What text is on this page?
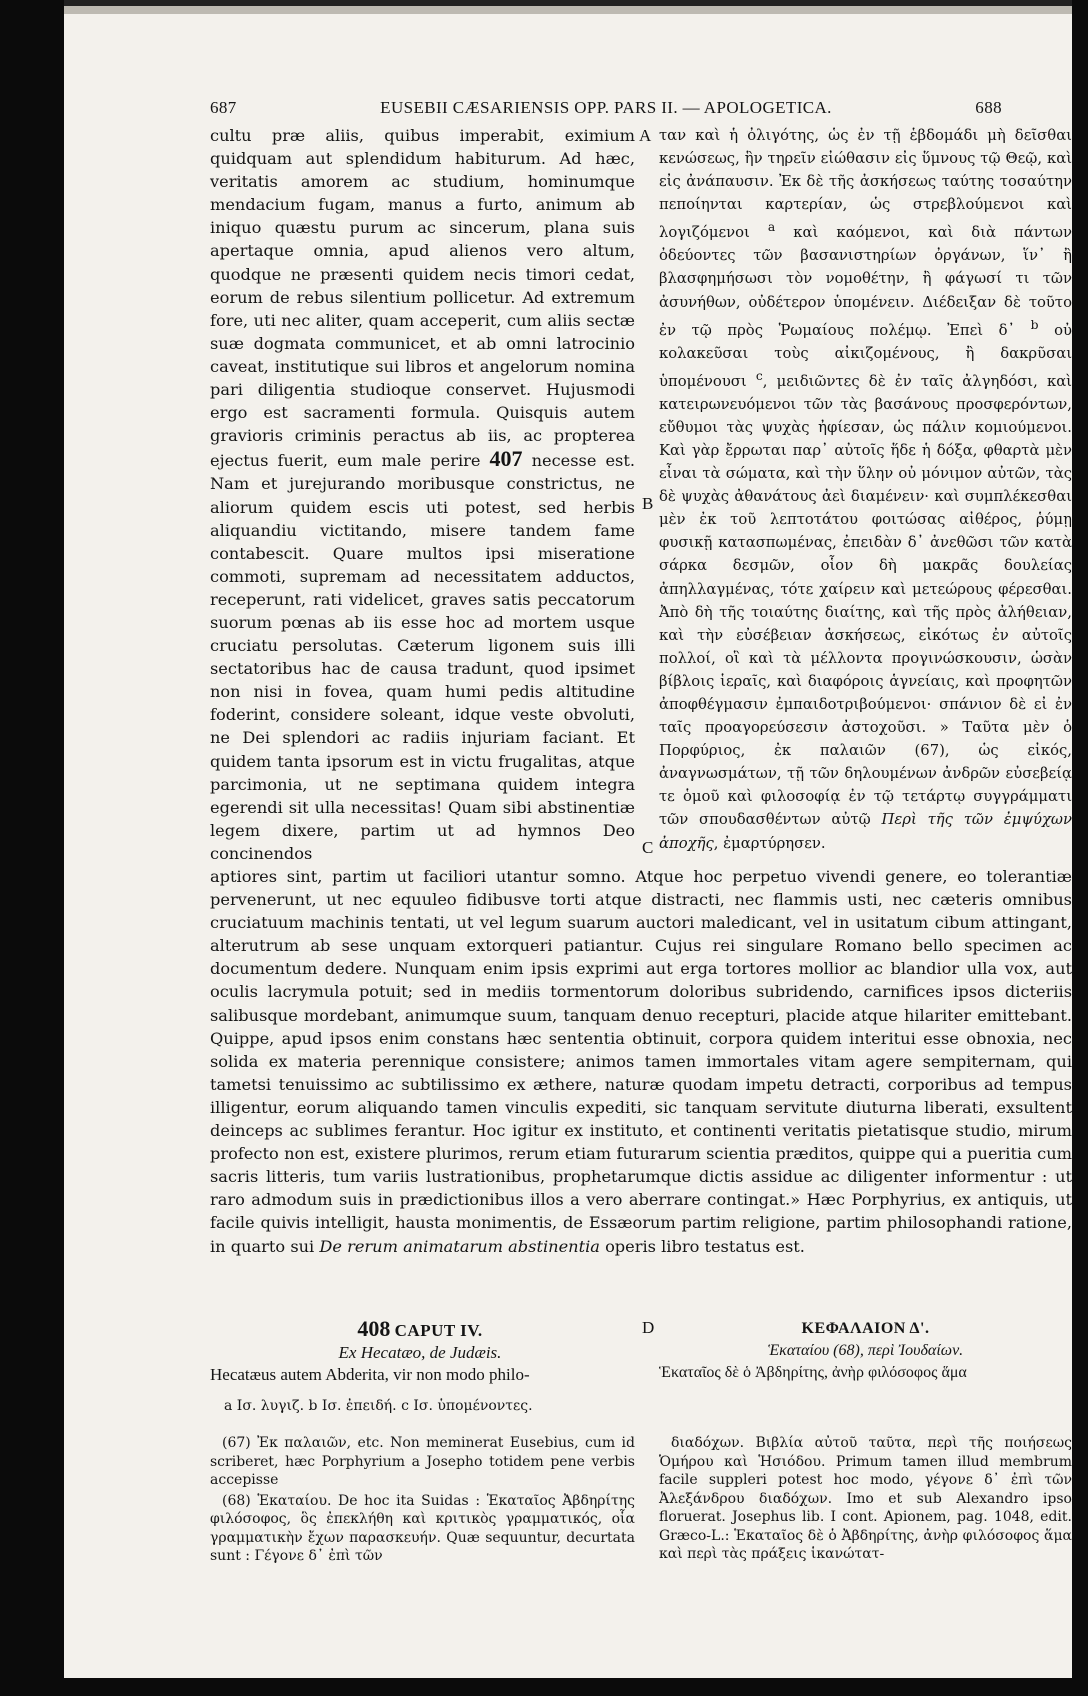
687	EUSEBII CÆSARIENSIS OPP. PARS II. — APOLOGETICA.	688
A
B
C
D
cultu præ aliis, quibus imperabit, eximium quidquam aut splendidum habiturum. Ad hæc, veritatis amorem ac studium, hominumque mendacium fugam, manus a furto, animum ab iniquo quæstu purum ac sincerum, plana suis apertaque omnia, apud alienos vero altum, quodque ne præsenti quidem necis timori cedat, eorum de rebus silentium pollicetur. Ad extremum fore, uti nec aliter, quam acceperit, cum aliis sectæ suæ dogmata communicet, et ab omni latrocinio caveat, institutique sui libros et angelorum nomina pari diligentia studioque conservet. Hujusmodi ergo est sacramenti formula. Quisquis autem gravioris criminis peractus ab iis, ac propterea ejectus fuerit, eum male perire 407 necesse est. Nam et jurejurando moribusque constrictus, ne aliorum quidem escis uti potest, sed herbis aliquandiu victitando, misere tandem fame contabescit. Quare multos ipsi miseratione commoti, supremam ad necessitatem adductos, receperunt, rati videlicet, graves satis peccatorum suorum pœnas ab iis esse hoc ad mortem usque cruciatu persolutas. Cæterum ligonem suis illi sectatoribus hac de causa tradunt, quod ipsimet non nisi in fovea, quam humi pedis altitudine foderint, considere soleant, idque veste obvoluti, ne Dei splendori ac radiis injuriam faciant. Et quidem tanta ipsorum est in victu frugalitas, atque parcimonia, ut ne septimana quidem integra egerendi sit ulla necessitas! Quam sibi abstinentiæ legem dixere, partim ut ad hymnos Deo concinendos
ταν καὶ ἡ ὀλιγότης, ὡς ἐν τῇ ἑβδομάδι μὴ δεῖσθαι κενώσεως, ἣν τηρεῖν εἰώθασιν εἰς ὕμνους τῷ Θεῷ, καὶ εἰς ἀνάπαυσιν. Ἐκ δὲ τῆς ἀσκήσεως ταύτης τοσαύτην πεποίηνται καρτερίαν, ὡς στρεβλούμενοι καὶ λογιζόμενοι $^a$ καὶ καόμενοι, καὶ διὰ πάντων ὀδεύοντες τῶν βασανιστηρίων ὀργάνων, ἵν᾽ ἢ βλασφημήσωσι τὸν νομοθέτην, ἢ φάγωσί τι τῶν ἀσυνήθων, οὐδέτερον ὑπομένειν. Διέδειξαν δὲ τοῦτο ἐν τῷ πρὸς Ῥωμαίους πολέμῳ. Ἐπεὶ δ᾽ $^b$ οὐ κολακεῦσαι τοὺς αἰκιζομένους, ἢ δακρῦσαι ὑπομένουσι $^c$, μειδιῶντες δὲ ἐν ταῖς ἀλγηδόσι, καὶ κατειρωνευόμενοι τῶν τὰς βασάνους προσφερόντων, εὔθυμοι τὰς ψυχὰς ἠφίεσαν, ὡς πάλιν κομιούμενοι. Καὶ γὰρ ἔρρωται παρ᾽ αὐτοῖς ἥδε ἡ δόξα, φθαρτὰ μὲν εἶναι τὰ σώματα, καὶ τὴν ὕλην οὐ μόνιμον αὐτῶν, τὰς δὲ ψυχὰς ἀθανάτους ἀεὶ διαμένειν· καὶ συμπλέκεσθαι μὲν ἐκ τοῦ λεπτοτάτου φοιτώσας αἰθέρος, ῥύμῃ φυσικῇ κατασπωμένας, ἐπειδὰν δ᾽ ἀνεθῶσι τῶν κατὰ σάρκα δεσμῶν, οἷον δὴ μακρᾶς δουλείας ἀπηλλαγμένας, τότε χαίρειν καὶ μετεώρους φέρεσθαι. Ἀπὸ δὴ τῆς τοιαύτης διαίτης, καὶ τῆς πρὸς ἀλήθειαν, καὶ τὴν εὐσέβειαν ἀσκήσεως, εἰκότως ἐν αὐτοῖς πολλοί, οἳ καὶ τὰ μέλλοντα προγινώσκουσιν, ὡσὰν βίβλοις ἱεραῖς, καὶ διαφόροις ἁγνείαις, καὶ προφητῶν ἀποφθέγμασιν ἐμπαιδοτριβούμενοι· σπάνιον δὲ εἰ ἐν ταῖς προαγορεύσεσιν ἀστοχοῦσι. » Ταῦτα μὲν ὁ Πορφύριος, ἐκ παλαιῶν (67), ὡς εἰκός, ἀναγνωσμάτων, τῇ τῶν δηλουμένων ἀνδρῶν εὐσεβείᾳ τε ὁμοῦ καὶ φιλοσοφίᾳ ἐν τῷ τετάρτῳ συγγράμματι τῶν σπουδασθέντων αὐτῷ Περὶ τῆς τῶν ἐμψύχων ἀποχῆς, ἐμαρτύρησεν.
aptiores sint, partim ut faciliori utantur somno. Atque hoc perpetuo vivendi genere, eo tolerantiæ pervenerunt, ut nec equuleo fidibusve torti atque distracti, nec flammis usti, nec cæteris omnibus cruciatuum machinis tentati, ut vel legum suarum auctori maledicant, vel in usitatum cibum attingant, alterutrum ab sese unquam extorqueri patiantur. Cujus rei singulare Romano bello specimen ac documentum dedere. Nunquam enim ipsis exprimi aut erga tortores mollior ac blandior ulla vox, aut oculis lacrymula potuit; sed in mediis tormentorum doloribus subridendo, carnifices ipsos dicteriis salibusque mordebant, animumque suum, tanquam denuo recepturi, placide atque hilariter emittebant. Quippe, apud ipsos enim constans hæc sententia obtinuit, corpora quidem interitui esse obnoxia, nec solida ex materia perennique consistere; animos tamen immortales vitam agere sempiternam, qui tametsi tenuissimo ac subtilissimo ex æthere, naturæ quodam impetu detracti, corporibus ad tempus illigentur, eorum aliquando tamen vinculis expediti, sic tanquam servitute diuturna liberati, exsultent deinceps ac sublimes ferantur. Hoc igitur ex instituto, et continenti veritatis pietatisque studio, mirum profecto non est, existere plurimos, rerum etiam futurarum scientia præditos, quippe qui a pueritia cum sacris litteris, tum variis lustrationibus, prophetarumque dictis assidue ac diligenter informentur : ut raro admodum suis in prædictionibus illos a vero aberrare contingat.» Hæc Porphyrius, ex antiquis, ut facile quivis intelligit, hausta monimentis, de Essæorum partim religione, partim philosophandi ratione, in quarto sui De rerum animatarum abstinentia operis libro testatus est.
408 CAPUT IV.
Ex Hecatæo, de Judæis.
Hecatæus autem Abderita, vir non modo philo-
ΚΕΦΑΛΑΙΟΝ Δ'.
Ἑκαταίου (68), περὶ Ἰουδαίων.
Ἑκαταῖος δὲ ὁ Ἀβδηρίτης, ἀνὴρ φιλόσοφος ἅμα
a Ισ. λυγιζ. b Ισ. ἐπειδή. c Ισ. ὑπομένοντες.

(67) Ἐκ παλαιῶν, etc. Non meminerat Eusebius, cum id scriberet, hæc Porphyrium a Josepho totidem pene verbis accepisse

(68) Ἑκαταίου. De hoc ita Suidas : Ἑκαταῖος Ἀβδηρίτης φιλόσοφος, ὃς ἐπεκλήθη καὶ κριτικὸς γραμματικός, οἷα γραμματικὴν ἔχων παρασκευήν. Quæ sequuntur, decurtata sunt : Γέγονε δ᾽ ἐπὶ τῶν

διαδόχων. Βιβλία αὐτοῦ ταῦτα, περὶ τῆς ποιήσεως Ὁμήρου καὶ Ἡσιόδου. Primum tamen illud membrum facile suppleri potest hoc modo, γέγονε δ᾽ ἐπὶ τῶν Ἀλεξάνδρου διαδόχων. Imo et sub Alexandro ipso floruerat. Josephus lib. I cont. Apionem, pag. 1048, edit. Græco-L.: Ἑκαταῖος δὲ ὁ Ἀβδηρίτης, ἀνὴρ φιλόσοφος ἅμα καὶ περὶ τὰς πράξεις ἱκανώτατ-
